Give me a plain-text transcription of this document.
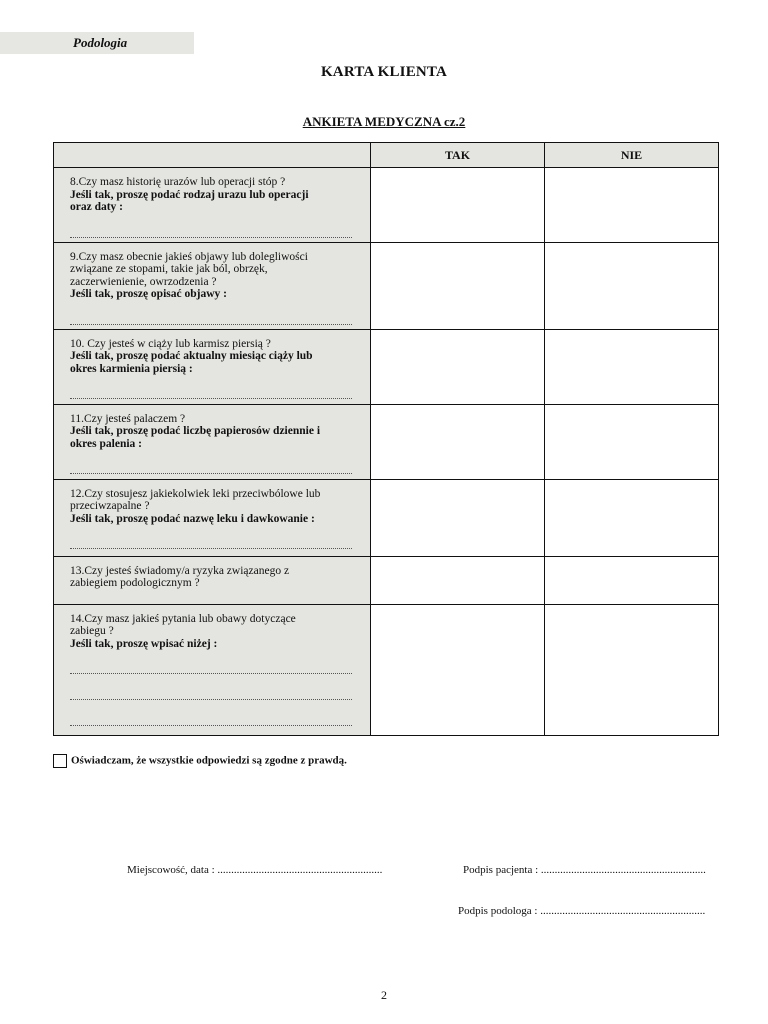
Podologia
KARTA KLIENTA
ANKIETA MEDYCZNA cz.2
	TAK	NIE

8.Czy masz historię urazów lub operacji stóp ?
Jeśli tak, proszę podać rodzaj urazu lub operacji
oraz daty :		

9.Czy masz obecnie jakieś objawy lub dolegliwości
związane ze stopami, takie jak ból, obrzęk,
zaczerwienienie, owrzodzenia ?
Jeśli tak, proszę opisać objawy :		

10. Czy jesteś w ciąży lub karmisz piersią ?
Jeśli tak, proszę podać aktualny miesiąc ciąży lub
okres karmienia piersią :		

11.Czy jesteś palaczem ?
Jeśli tak, proszę podać liczbę papierosów dziennie i
okres palenia :		

12.Czy stosujesz jakiekolwiek leki przeciwbólowe lub
przeciwzapalne ?
Jeśli tak, proszę podać nazwę leku i dawkowanie :		

13.Czy jesteś świadomy/a ryzyka związanego z
zabiegiem podologicznym ?		

14.Czy masz jakieś pytania lub obawy dotyczące
zabiegu ?
Jeśli tak, proszę wpisać niżej :		

Oświadczam, że wszystkie odpowiedzi są zgodne z prawdą.
Miejscowość, data : ............................................................	Podpis pacjenta : ............................................................
Podpis podologa : ............................................................
2
